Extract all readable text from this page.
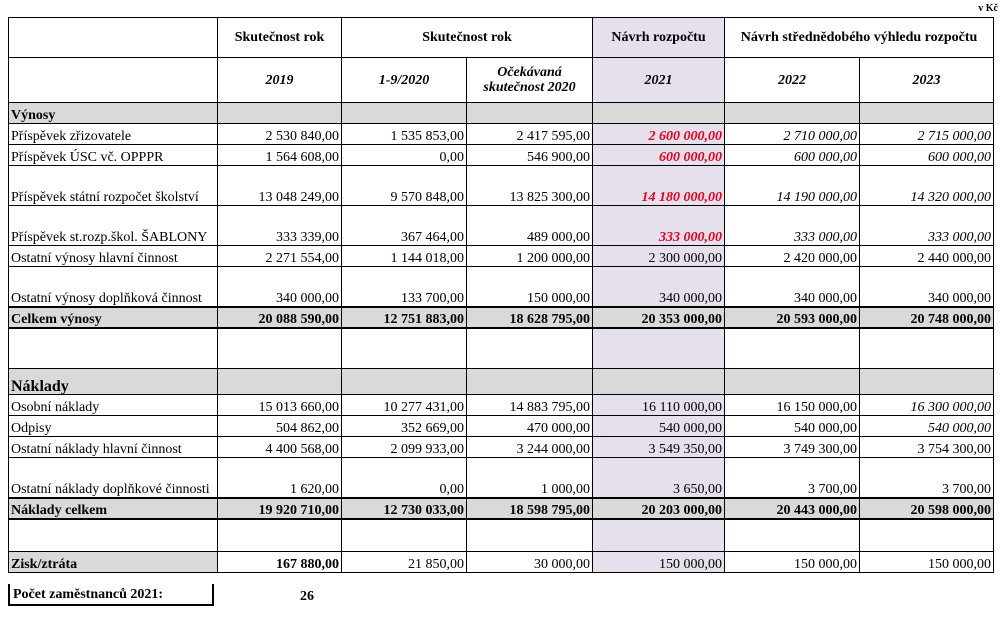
v Kč
	Skutečnost rok	Skutečnost rok		Návrh rozpočtu	Návrh střednědobého výhledu rozpočtu	
	2019	1-9/2020	Očekávaná skutečnost 2020	2021	2022	2023
Výnosy						
Příspěvek zřizovatele	2 530 840,00	1 535 853,00	2 417 595,00	2 600 000,00	2 710 000,00	2 715 000,00
Příspěvek ÚSC vč. OPPPR	1 564 608,00	0,00	546 900,00	600 000,00	600 000,00	600 000,00
Příspěvek státní rozpočet školství	13 048 249,00	9 570 848,00	13 825 300,00	14 180 000,00	14 190 000,00	14 320 000,00
Příspěvek st.rozp.škol. ŠABLONY	333 339,00	367 464,00	489 000,00	333 000,00	333 000,00	333 000,00
Ostatní výnosy hlavní činnost	2 271 554,00	1 144 018,00	1 200 000,00	2 300 000,00	2 420 000,00	2 440 000,00
Ostatní výnosy doplňková činnost	340 000,00	133 700,00	150 000,00	340 000,00	340 000,00	340 000,00
Celkem výnosy	20 088 590,00	12 751 883,00	18 628 795,00	20 353 000,00	20 593 000,00	20 748 000,00

Náklady						
Osobní náklady	15 013 660,00	10 277 431,00	14 883 795,00	16 110 000,00	16 150 000,00	16 300 000,00
Odpisy	504 862,00	352 669,00	470 000,00	540 000,00	540 000,00	540 000,00
Ostatní náklady hlavní činnost	4 400 568,00	2 099 933,00	3 244 000,00	3 549 350,00	3 749 300,00	3 754 300,00
Ostatní náklady doplňkové činnosti	1 620,00	0,00	1 000,00	3 650,00	3 700,00	3 700,00
Náklady celkem	19 920 710,00	12 730 033,00	18 598 795,00	20 203 000,00	20 443 000,00	20 598 000,00

Zisk/ztráta	167 880,00	21 850,00	30 000,00	150 000,00	150 000,00	150 000,00
Počet zaměstnanců 2021:	26
